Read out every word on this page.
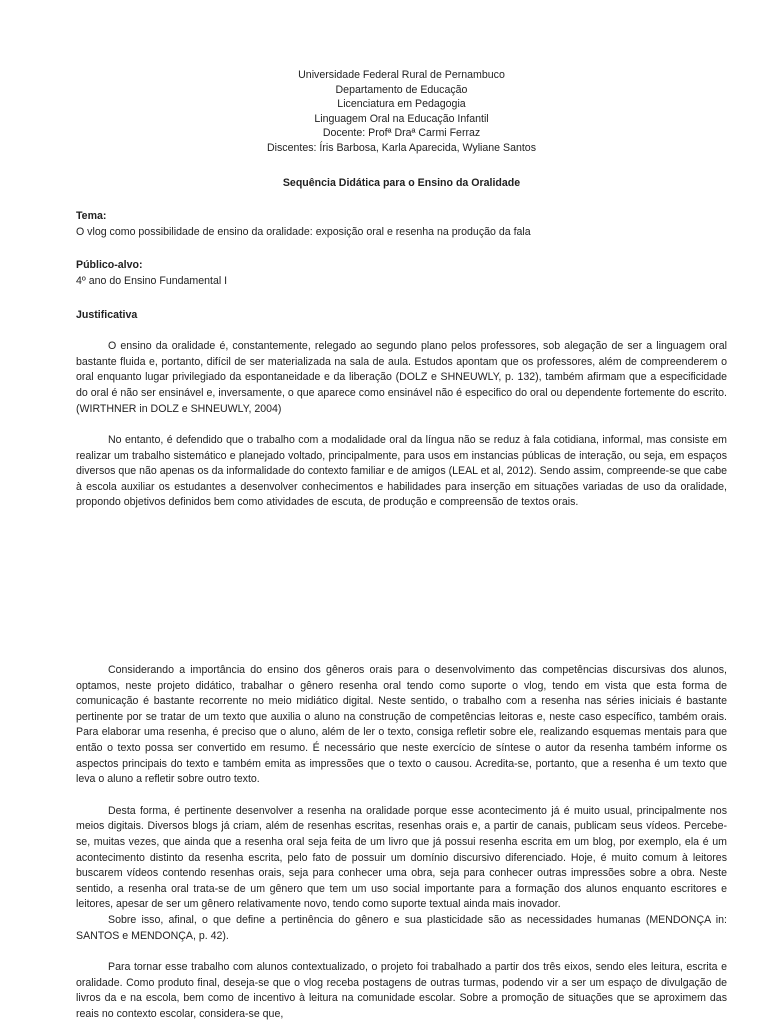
Universidade Federal Rural de Pernambuco
Departamento de Educação
Licenciatura em Pedagogia
Linguagem Oral na Educação Infantil
Docente: Profª Draª Carmi Ferraz
Discentes: Íris Barbosa, Karla Aparecida, Wyliane Santos
Sequência Didática para o Ensino da Oralidade
Tema:
O vlog como possibilidade de ensino da oralidade: exposição oral e resenha na produção da fala
Público-alvo:
4º ano do Ensino Fundamental I
Justificativa
O ensino da oralidade é, constantemente, relegado ao segundo plano pelos professores, sob alegação de ser a linguagem oral bastante fluida e, portanto, difícil de ser materializada na sala de aula. Estudos apontam que os professores, além de compreenderem o oral enquanto lugar privilegiado da espontaneidade e da liberação (DOLZ e SHNEUWLY, p. 132), também afirmam que a especificidade do oral é não ser ensinável e, inversamente, o que aparece como ensinável não é especifico do oral ou dependente fortemente do escrito. (WIRTHNER in DOLZ e SHNEUWLY, 2004)
No entanto, é defendido que o trabalho com a modalidade oral da língua não se reduz à fala cotidiana, informal, mas consiste em realizar um trabalho sistemático e planejado voltado, principalmente, para usos em instancias públicas de interação, ou seja, em espaços diversos que não apenas os da informalidade do contexto familiar e de amigos (LEAL et al, 2012). Sendo assim, compreende-se que cabe à escola auxiliar os estudantes a desenvolver conhecimentos e habilidades para inserção em situações variadas de uso da oralidade, propondo objetivos definidos bem como atividades de escuta, de produção e compreensão de textos orais.
Considerando a importância do ensino dos gêneros orais para o desenvolvimento das competências discursivas dos alunos, optamos, neste projeto didático, trabalhar o gênero resenha oral tendo como suporte o vlog, tendo em vista que esta forma de comunicação é bastante recorrente no meio midiático digital. Neste sentido, o trabalho com a resenha nas séries iniciais é bastante pertinente por se tratar de um texto que auxilia o aluno na construção de competências leitoras e, neste caso específico, também orais. Para elaborar uma resenha, é preciso que o aluno, além de ler o texto, consiga refletir sobre ele, realizando esquemas mentais para que então o texto possa ser convertido em resumo. É necessário que neste exercício de síntese o autor da resenha também informe os aspectos principais do texto e também emita as impressões que o texto o causou. Acredita-se, portanto, que a resenha é um texto que leva o aluno a refletir sobre outro texto.
Desta forma, é pertinente desenvolver a resenha na oralidade porque esse acontecimento já é muito usual, principalmente nos meios digitais. Diversos blogs já criam, além de resenhas escritas, resenhas orais e, a partir de canais, publicam seus vídeos. Percebe-se, muitas vezes, que ainda que a resenha oral seja feita de um livro que já possui resenha escrita em um blog, por exemplo, ela é um acontecimento distinto da resenha escrita, pelo fato de possuir um domínio discursivo diferenciado. Hoje, é muito comum à leitores buscarem vídeos contendo resenhas orais, seja para conhecer uma obra, seja para conhecer outras impressões sobre a obra. Neste sentido, a resenha oral trata-se de um gênero que tem um uso social importante para a formação dos alunos enquanto escritores e leitores, apesar de ser um gênero relativamente novo, tendo como suporte textual ainda mais inovador.
Sobre isso, afinal, o que define a pertinência do gênero e sua plasticidade são as necessidades humanas (MENDONÇA in: SANTOS e MENDONÇA, p. 42).
Para tornar esse trabalho com alunos contextualizado, o projeto foi trabalhado a partir dos três eixos, sendo eles leitura, escrita e oralidade. Como produto final, deseja-se que o vlog receba postagens de outras turmas, podendo vir a ser um espaço de divulgação de livros da e na escola, bem como de incentivo à leitura na comunidade escolar. Sobre a promoção de situações que se aproximem das reais no contexto escolar, considera-se que,
